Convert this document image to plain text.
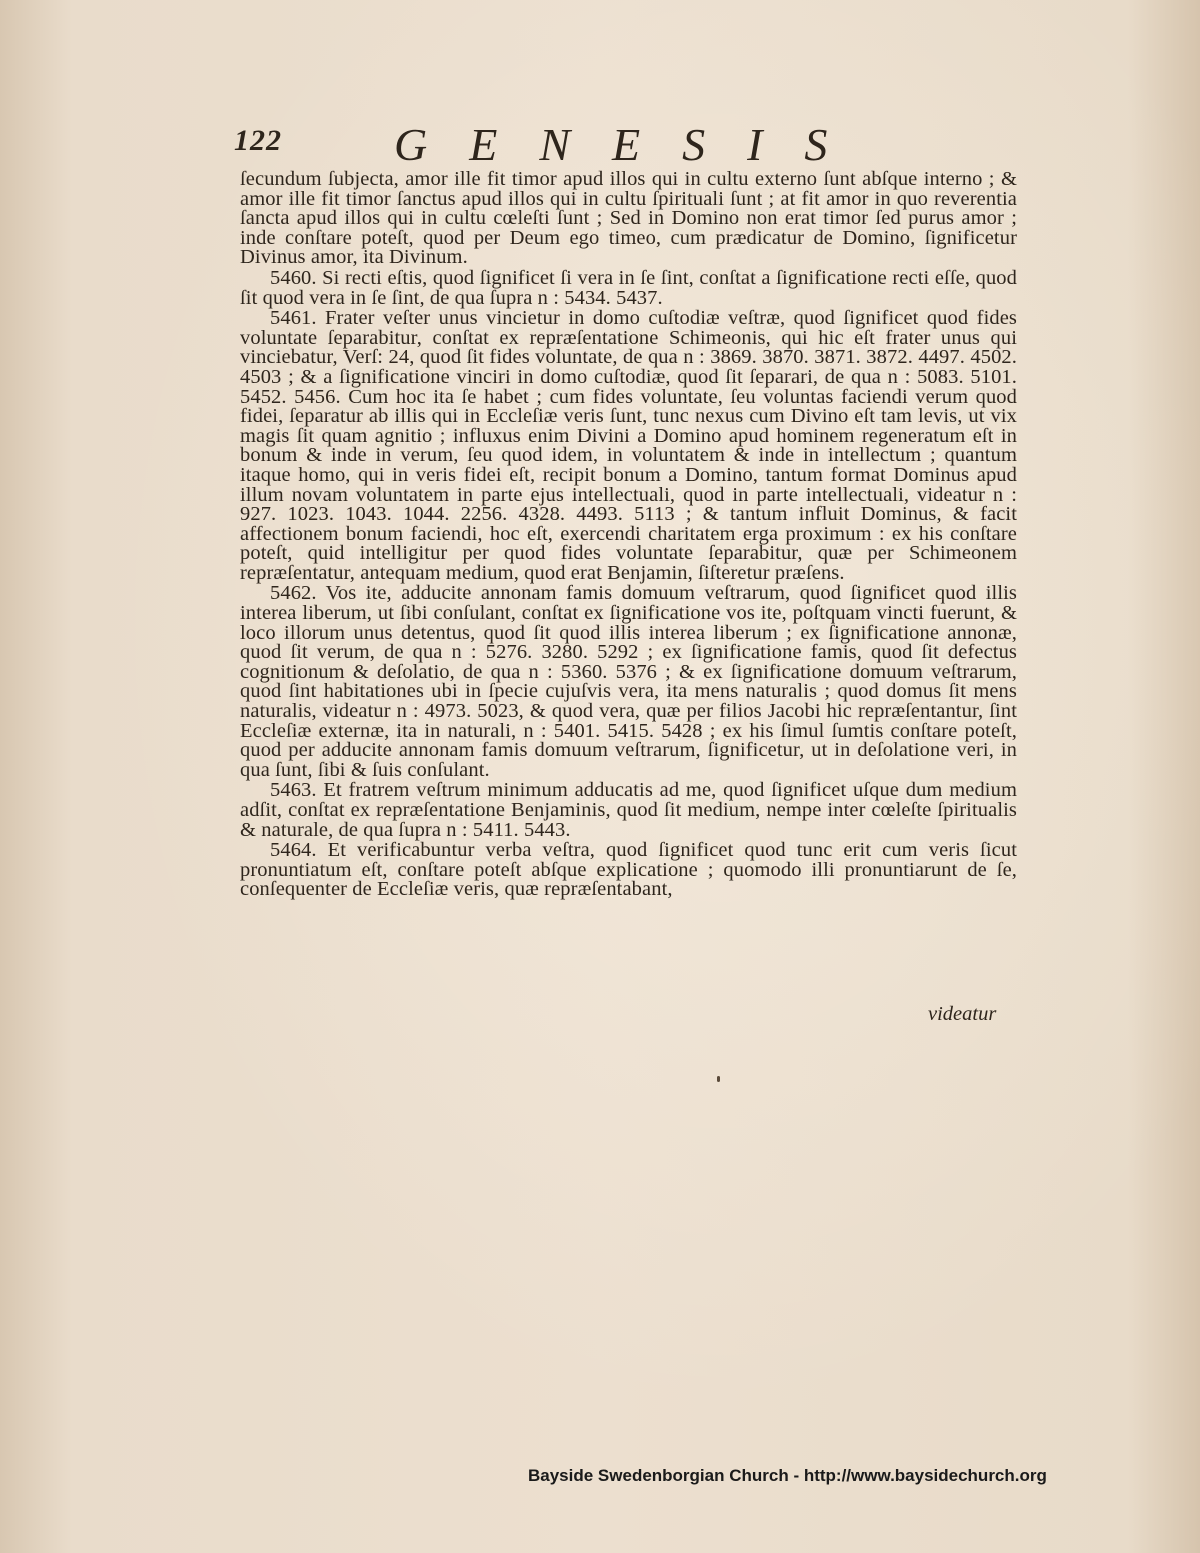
122 GENESIS

ſecundum ſubjecta, amor ille fit timor apud illos qui in cultu externo ſunt abſque interno ; & amor ille fit timor ſanctus apud illos qui in cultu ſpirituali ſunt ; at fit amor in quo reverentia ſancta apud illos qui in cultu cœleſti ſunt ; Sed in Domino non erat timor ſed purus amor ; inde conſtare poteſt, quod per Deum ego timeo, cum prædicatur de Domino, ſignificetur Divinus amor, ita Divinum.

5460. Si recti eſtis, quod ſignificet ſi vera in ſe ſint, conſtat a ſignificatione recti eſſe, quod ſit quod vera in ſe ſint, de qua ſupra n : 5434. 5437.

5461. Frater veſter unus vincietur in domo cuſtodiæ veſtræ, quod ſignificet quod fides voluntate ſeparabitur, conſtat ex repræſentatione Schimeonis, qui hic eſt frater unus qui vinciebatur, Verſ: 24, quod ſit fides voluntate, de qua n : 3869. 3870. 3871. 3872. 4497. 4502. 4503 ; & a ſignificatione vinciri in domo cuſtodiæ, quod ſit ſeparari, de qua n : 5083. 5101. 5452. 5456. Cum hoc ita ſe habet ; cum fides voluntate, ſeu voluntas faciendi verum quod fidei, ſeparatur ab illis qui in Eccleſiæ veris ſunt, tunc nexus cum Divino eſt tam levis, ut vix magis ſit quam agnitio ; influxus enim Divini a Domino apud hominem regeneratum eſt in bonum & inde in verum, ſeu quod idem, in voluntatem & inde in intellectum ; quantum itaque homo, qui in veris fidei eſt, recipit bonum a Domino, tantum format Dominus apud illum novam voluntatem in parte ejus intellectuali, quod in parte intellectuali, videatur n : 927. 1023. 1043. 1044. 2256. 4328. 4493. 5113 ; & tantum influit Dominus, & facit affectionem bonum faciendi, hoc eſt, exercendi charitatem erga proximum : ex his conſtare poteſt, quid intelligitur per quod fides voluntate ſeparabitur, quæ per Schimeonem repræſentatur, antequam medium, quod erat Benjamin, ſiſteretur præſens.

5462. Vos ite, adducite annonam famis domuum veſtrarum, quod ſignificet quod illis interea liberum, ut ſibi conſulant, conſtat ex ſignificatione vos ite, poſtquam vincti fuerunt, & loco illorum unus detentus, quod ſit quod illis interea liberum ; ex ſignificatione annonæ, quod ſit verum, de qua n : 5276. 3280. 5292 ; ex ſignificatione famis, quod ſit defectus cognitionum & deſolatio, de qua n : 5360. 5376 ; & ex ſignificatione domuum veſtrarum, quod ſint habitationes ubi in ſpecie cujuſvis vera, ita mens naturalis ; quod domus ſit mens naturalis, videatur n : 4973. 5023, & quod vera, quæ per filios Jacobi hic repræſentantur, ſint Eccleſiæ externæ, ita in naturali, n : 5401. 5415. 5428 ; ex his ſimul ſumtis conſtare poteſt, quod per adducite annonam famis domuum veſtrarum, ſignificetur, ut in deſolatione veri, in qua ſunt, ſibi & ſuis conſulant.

5463. Et fratrem veſtrum minimum adducatis ad me, quod ſignificet uſque dum medium adſit, conſtat ex repræſentatione Benjaminis, quod ſit medium, nempe inter cœleſte ſpiritualis & naturale, de qua ſupra n : 5411. 5443.

5464. Et verificabuntur verba veſtra, quod ſignificet quod tunc erit cum veris ſicut pronuntiatum eſt, conſtare poteſt abſque explicatione ; quomodo illi pronuntiarunt de ſe, conſequenter de Eccleſiæ veris, quæ repræſentabant,

videatur
Bayside Swedenborgian Church - http://www.baysidechurch.org
